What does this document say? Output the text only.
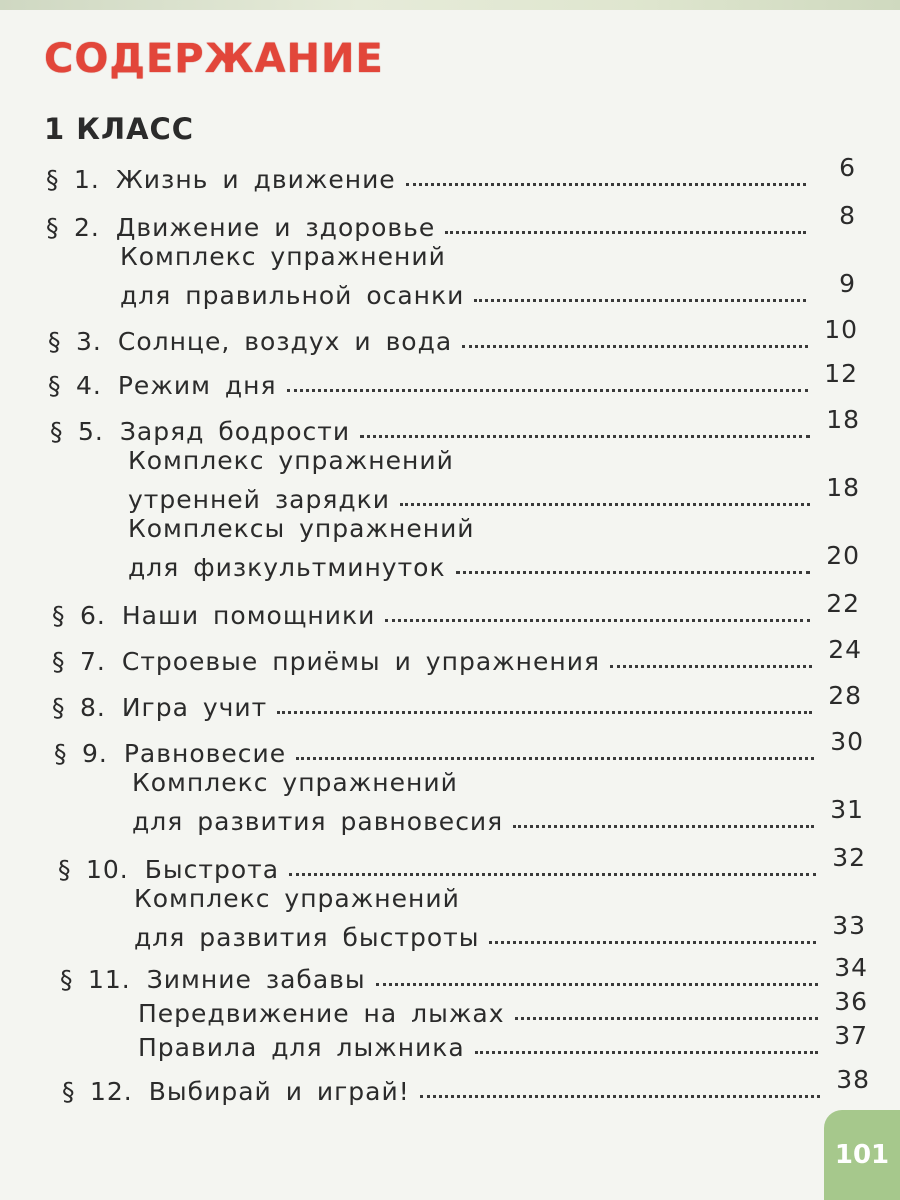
СОДЕРЖАНИЕ
1 КЛАСС
§ 1. Жизнь и движение	6
§ 2. Движение и здоровье	8
Комплекс упражнений
для правильной осанки	9
§ 3. Солнце, воздух и вода	10
§ 4. Режим дня	12
§ 5. Заряд бодрости	18
Комплекс упражнений
утренней зарядки	18
Комплексы упражнений
для физкультминуток	20
§ 6. Наши помощники	22
§ 7. Строевые приёмы и упражнения	24
§ 8. Игра учит	28
§ 9. Равновесие	30
Комплекс упражнений
для развития равновесия	31
§ 10. Быстрота	32
Комплекс упражнений
для развития быстроты	33
§ 11. Зимние забавы	34
Передвижение на лыжах	36
Правила для лыжника	37
§ 12. Выбирай и играй!	38
101
